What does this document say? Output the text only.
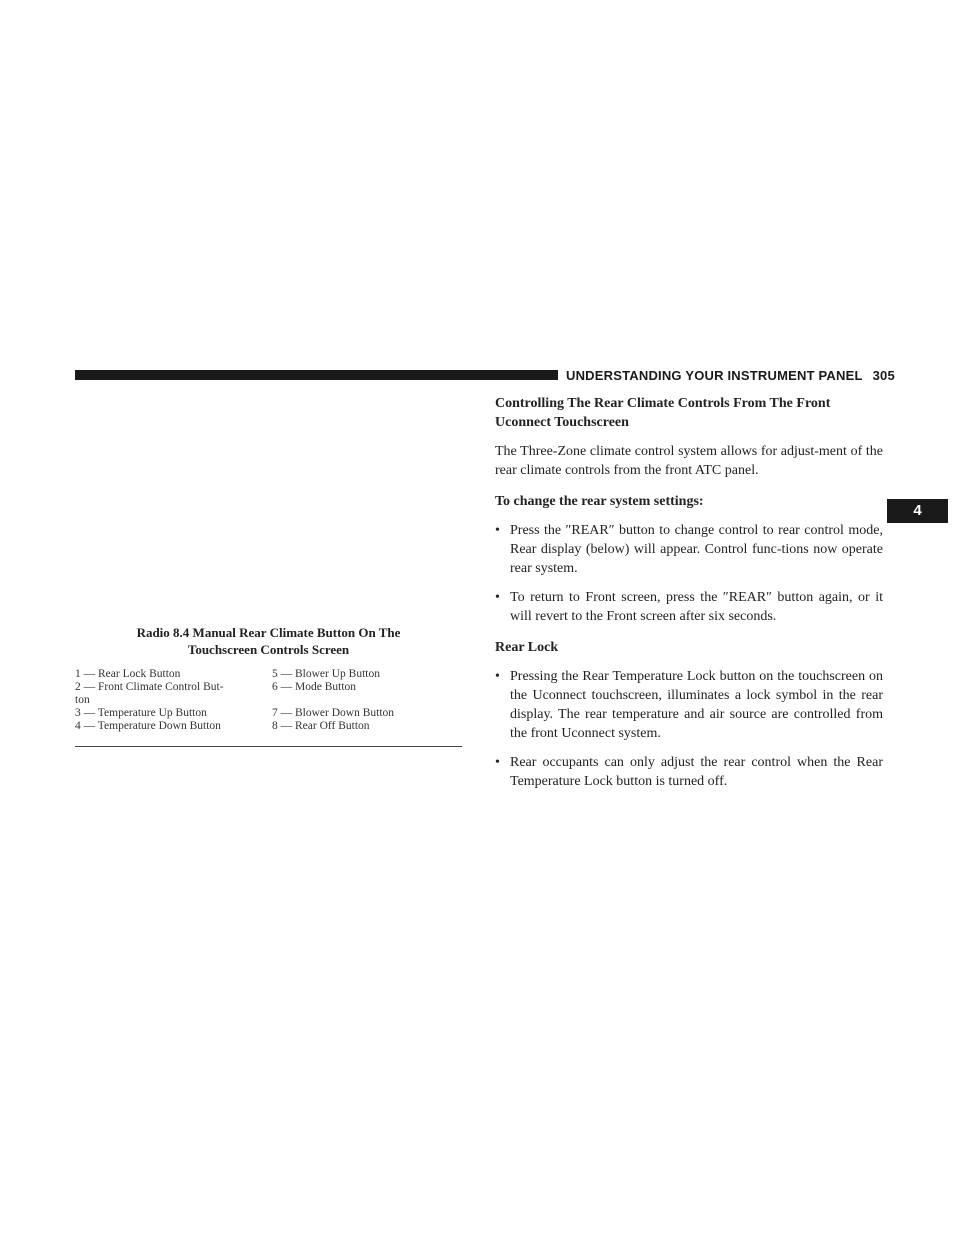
UNDERSTANDING YOUR INSTRUMENT PANEL 305
4
Radio 8.4 Manual Rear Climate Button On The
Touchscreen Controls Screen
1 — Rear Lock Button	5 — Blower Up Button
2 — Front Climate Control But-	6 — Mode Button
ton
3 — Temperature Up Button	7 — Blower Down Button
4 — Temperature Down Button	8 — Rear Off Button

Controlling The Rear Climate Controls From The Front Uconnect Touchscreen

The Three-Zone climate control system allows for adjust-ment of the rear climate controls from the front ATC panel.

To change the rear system settings:

• Press the ″REAR″ button to change control to rear control mode, Rear display (below) will appear. Control func-tions now operate rear system.
• To return to Front screen, press the ″REAR″ button again, or it will revert to the Front screen after six seconds.

Rear Lock

• Pressing the Rear Temperature Lock button on the touchscreen on the Uconnect touchscreen, illuminates a lock symbol in the rear display. The rear temperature and air source are controlled from the front Uconnect system.
• Rear occupants can only adjust the rear control when the Rear Temperature Lock button is turned off.
